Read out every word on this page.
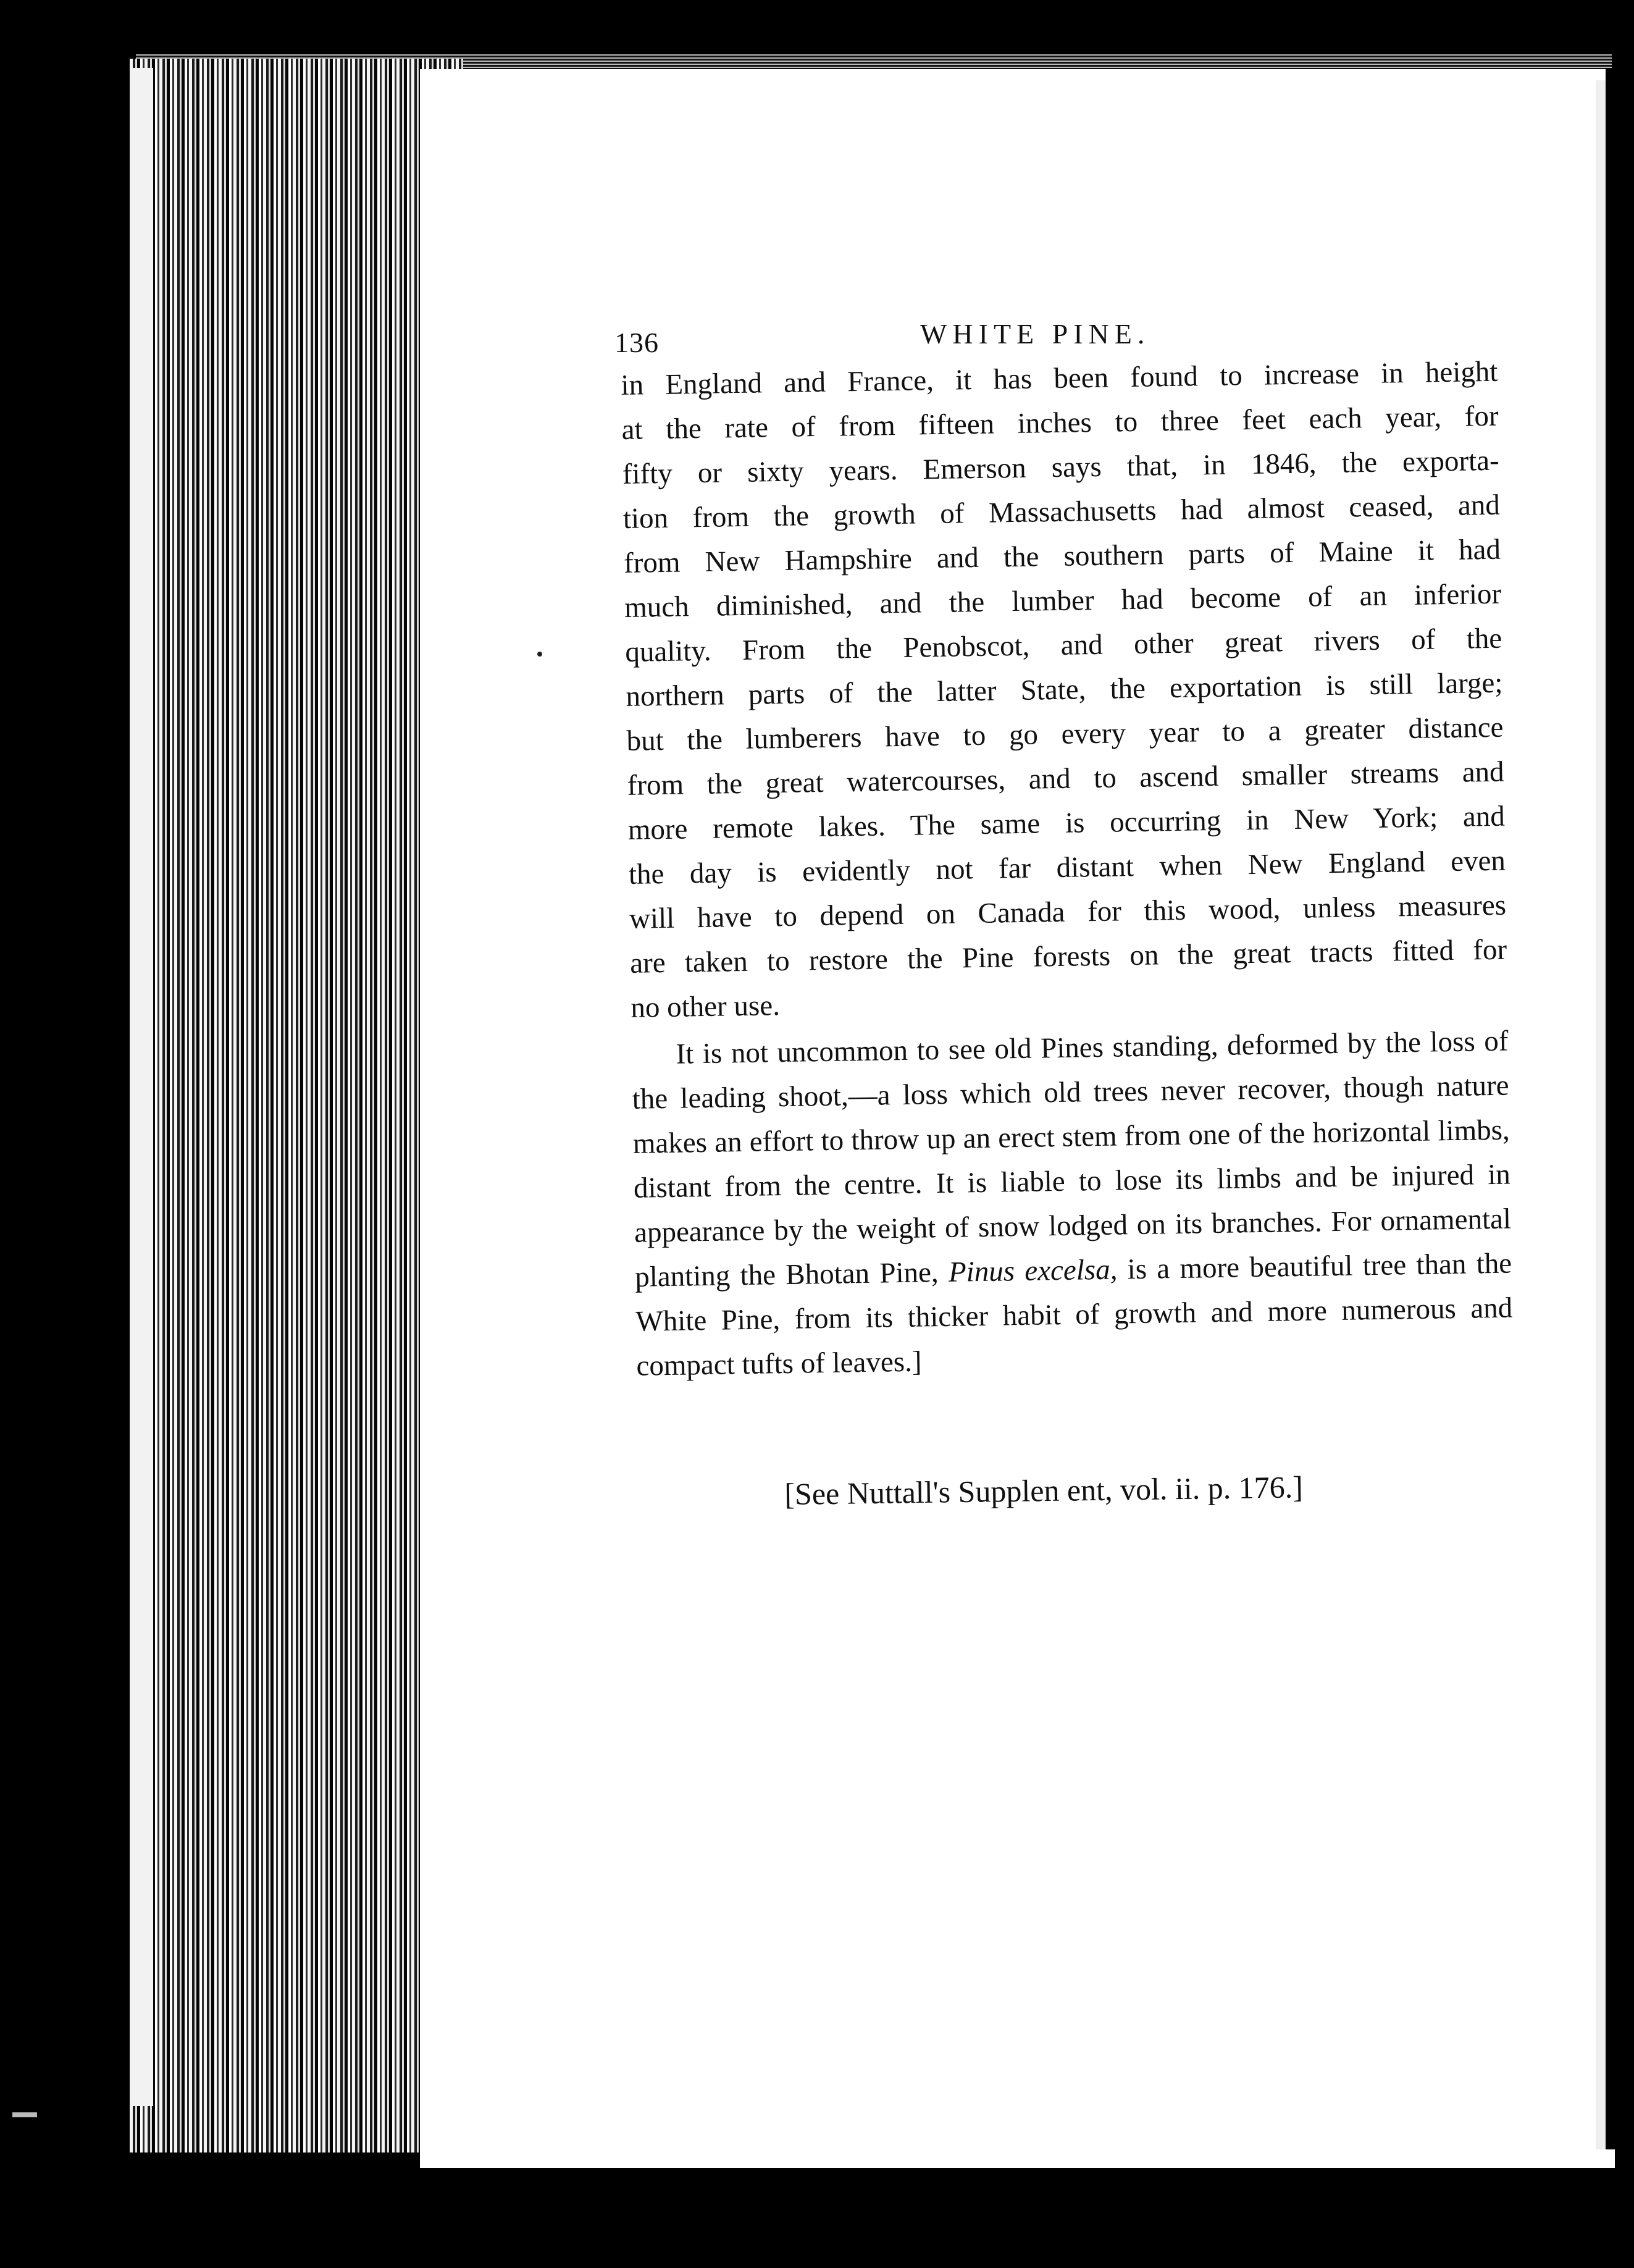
136	WHITE PINE.

in England and France, it has been found to increase in height
at the rate of from fifteen inches to three feet each year, for
fifty or sixty years. Emerson says that, in 1846, the exporta-
tion from the growth of Massachusetts had almost ceased, and
from New Hampshire and the southern parts of Maine it had
much diminished, and the lumber had become of an inferior
quality. From the Penobscot, and other great rivers of the
northern parts of the latter State, the exportation is still large;
but the lumberers have to go every year to a greater distance
from the great watercourses, and to ascend smaller streams and
more remote lakes. The same is occurring in New York; and
the day is evidently not far distant when New England even
will have to depend on Canada for this wood, unless measures
are taken to restore the Pine forests on the great tracts fitted for
no other use.

It is not uncommon to see old Pines standing, deformed by the loss of the leading shoot,—a loss which old trees never recover, though nature makes an effort to throw up an erect stem from one of the horizontal limbs, distant from the centre. It is liable to lose its limbs and be injured in appearance by the weight of snow lodged on its branches. For ornamental planting the Bhotan Pine, Pinus excelsa, is a more beautiful tree than the White Pine, from its thicker habit of growth and more numerous and compact tufts of leaves.]

[See Nuttall's Supplen ent, vol. ii. p. 176.]
